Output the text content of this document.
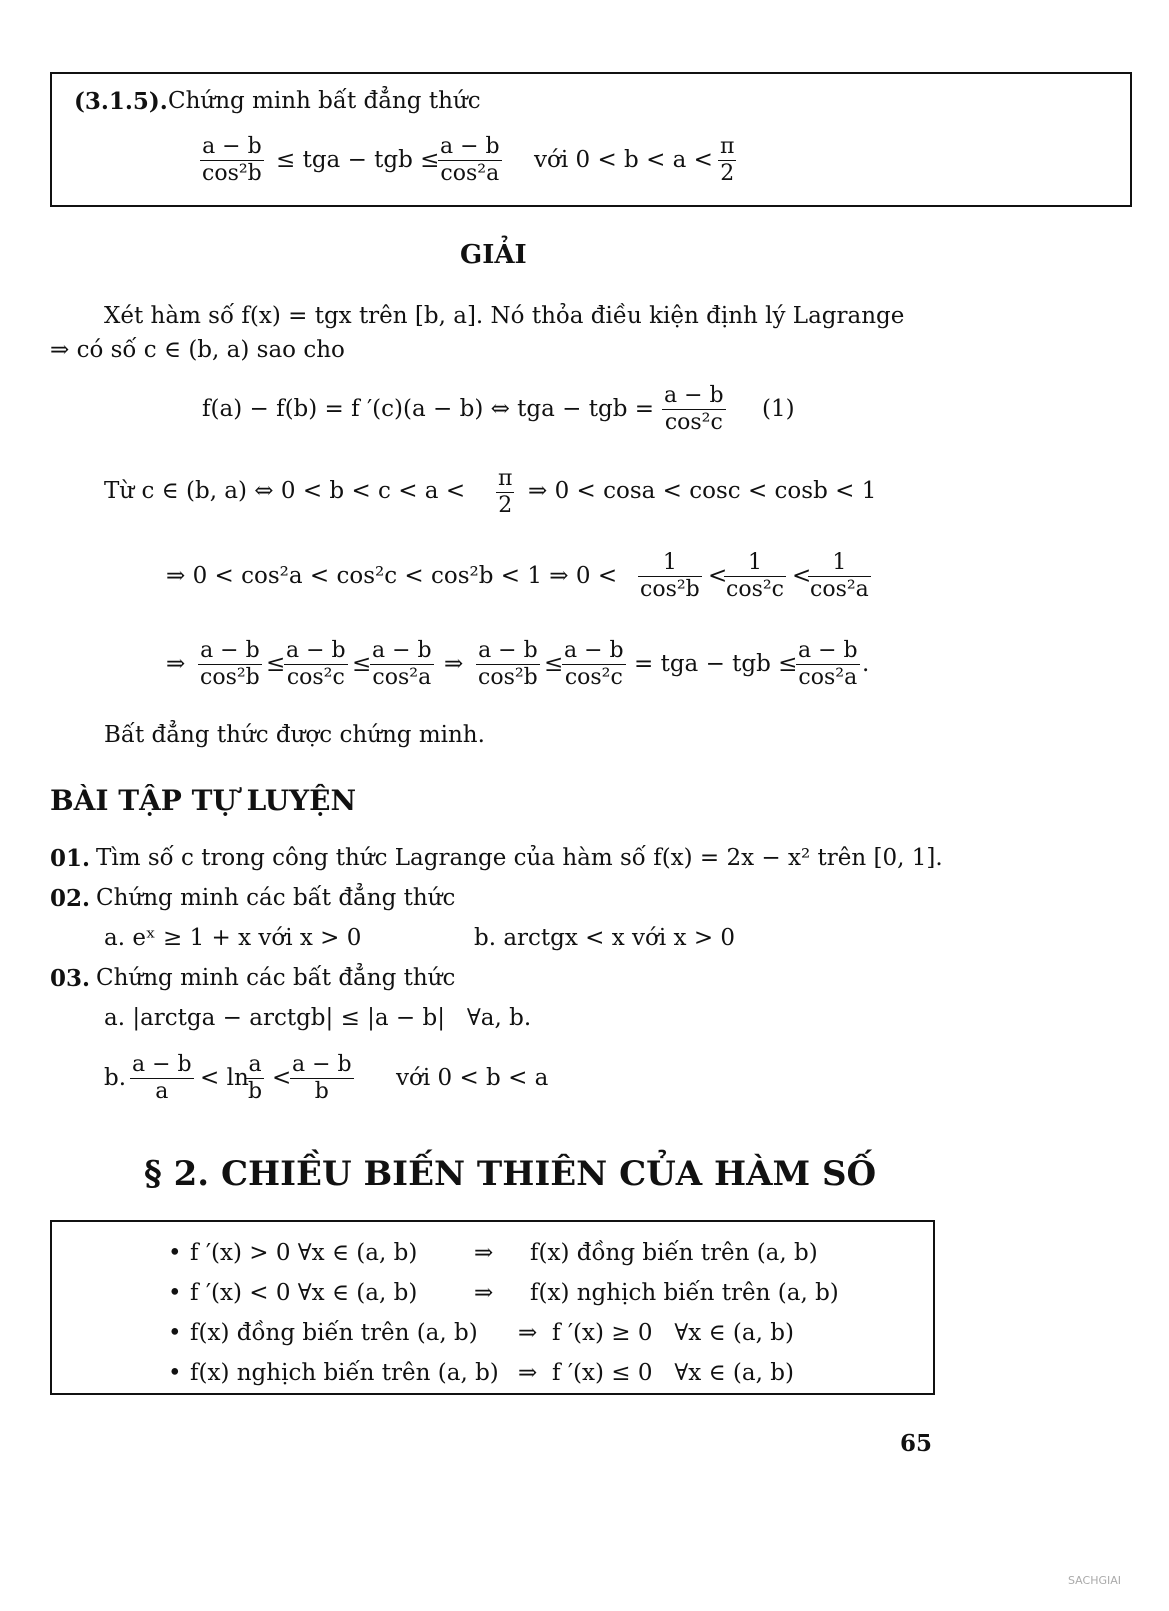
(3.1.5). Chứng minh bất đẳng thức
$\frac{a - b}{\text{cos²b}}$ ≤ tga − tgb ≤
$\frac{a - b}{\text{cos²a}}$ với $0 < b < a < \frac{\pi}{2}$
GIẢI
Xét hàm số f(x) = tgx trên [b, a]. Nó thỏa điều kiện định lý Lagrange
⇒ có số c ∈ (b, a) sao cho
f(a) − f(b) = f ′(c)(a − b) ⇔ tga − tgb = $\frac{a - b}{\text{cos²c}} (1)$
Từ c ∈ (b, a) ⇔ $0 < b < c < a < \frac{\pi}{2}$ ⇒ 0 < cosa < cosc < cosb < 1
⇒ 0 < cos²a < cos²c < cos²b < 1 ⇒ $0 < \frac{1}{\text{cos²b}}$ <
$\frac{1}{\text{cos²c}}$ <
$\frac{1}{\text{cos²a}}$
⇒ $\frac{a - b}{\text{cos²b}}$ ≤
$\frac{a - b}{\text{cos²c}}$ ≤
$\frac{a - b}{\text{cos²a}}$ ⇒ $\frac{a - b}{\text{cos²b}}$ ≤
$\frac{a - b}{\text{cos²c}}$ = tga − tgb ≤
$\frac{a - b}{\text{cos²a}}$ .
Bất đẳng thức được chứng minh.
BÀI TẬP TỰ LUYỆN
01. Tìm số c trong công thức Lagrange của hàm số f(x) = 2x − x² trên [0, 1].
02. Chứng minh các bất đẳng thức
a. eˣ ≥ 1 + x với x > 0	b. arctgx < x với x > 0
03. Chứng minh các bất đẳng thức
a. |arctga − arctgb| ≤ |a − b|   ∀a, b.
b. $\frac{a - b}{a} < \ln$
$\frac{a}{b}$ <
$\frac{a - b}{b}$ với 0 < b < a
§ 2. CHIỀU BIẾN THIÊN CỦA HÀM SỐ
• f ′(x) > 0 ∀x ∈ (a, b) ⇒ f(x) đồng biến trên (a, b)
• f ′(x) < 0 ∀x ∈ (a, b) ⇒ f(x) nghịch biến trên (a, b)
• f(x) đồng biến trên (a, b) ⇒ f ′(x) ≥ 0   ∀x ∈ (a, b)
• f(x) nghịch biến trên (a, b) ⇒ f ′(x) ≤ 0   ∀x ∈ (a, b)
65
SACHGIAI
